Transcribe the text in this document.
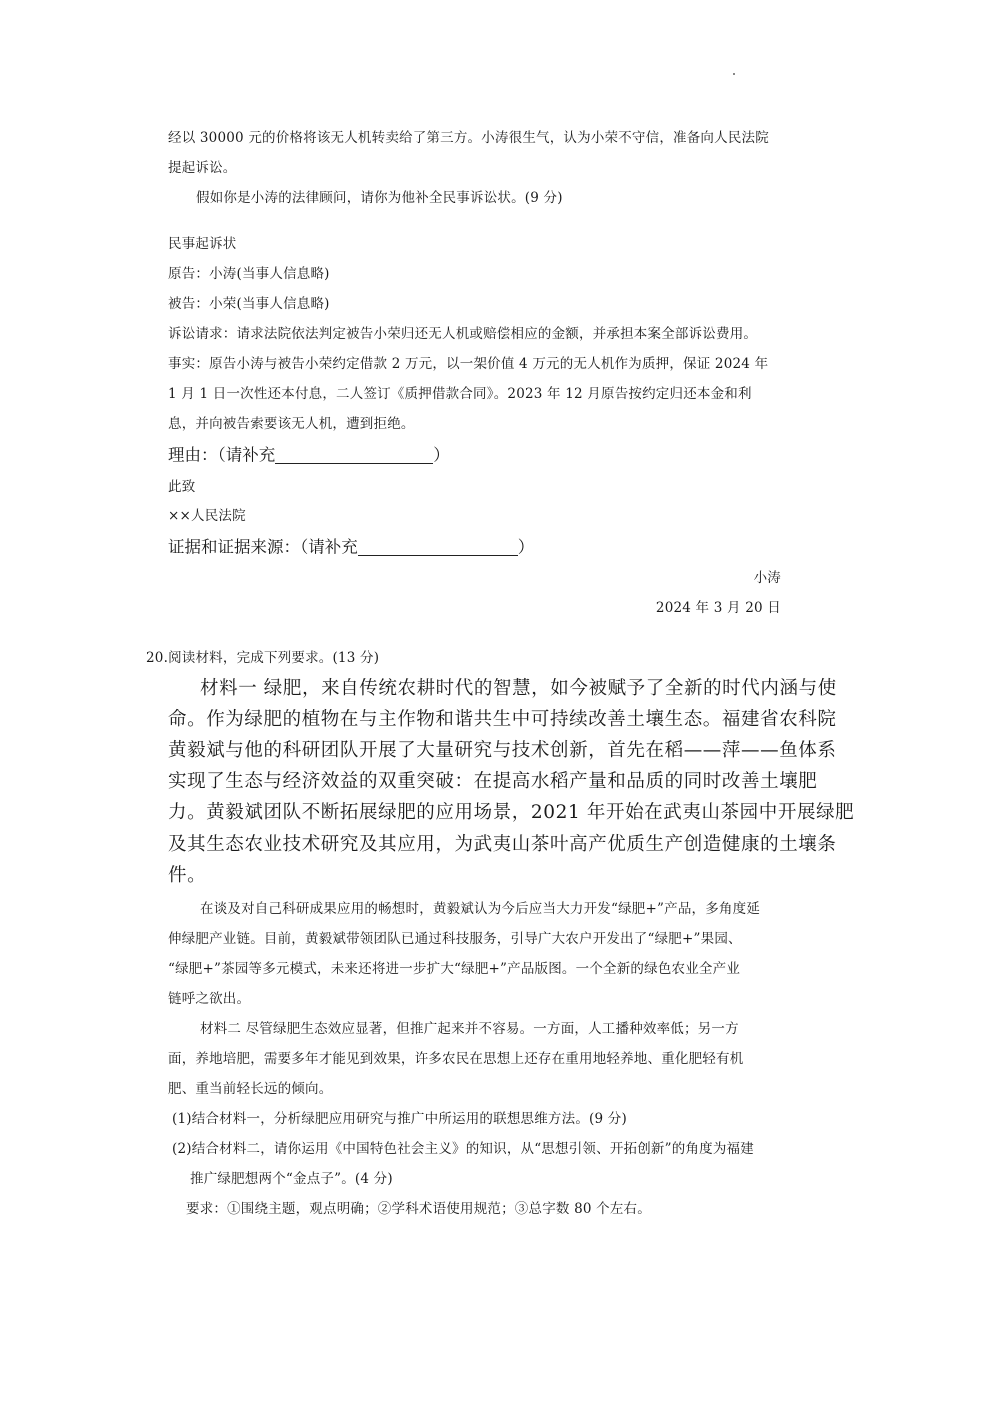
经以 30000 元的价格将该无人机转卖给了第三方。小涛很生气，认为小荣不守信，准备向人民法院
提起诉讼。
假如你是小涛的法律顾问，请你为他补全民事诉讼状。(9 分)
民事起诉状
原告：小涛(当事人信息略)
被告：小荣(当事人信息略)
诉讼请求：请求法院依法判定被告小荣归还无人机或赔偿相应的金额，并承担本案全部诉讼费用。
事实：原告小涛与被告小荣约定借款 2 万元，以一架价值 4 万元的无人机作为质押，保证 2024 年
1 月 1 日一次性还本付息，二人签订《质押借款合同》。2023 年 12 月原告按约定归还本金和利
息，并向被告索要该无人机，遭到拒绝。
理由：（请补充	）
此致
××人民法院
证据和证据来源：（请补充	）
小涛
2024 年 3 月 20 日
20.阅读材料，完成下列要求。(13 分)
材料一 绿肥，来自传统农耕时代的智慧，如今被赋予了全新的时代内涵与使
命。作为绿肥的植物在与主作物和谐共生中可持续改善土壤生态。福建省农科院
黄毅斌与他的科研团队开展了大量研究与技术创新，首先在稻——萍——鱼体系
实现了生态与经济效益的双重突破：在提高水稻产量和品质的同时改善土壤肥
力。黄毅斌团队不断拓展绿肥的应用场景，2021 年开始在武夷山茶园中开展绿肥
及其生态农业技术研究及其应用，为武夷山茶叶高产优质生产创造健康的土壤条
件。
在谈及对自己科研成果应用的畅想时，黄毅斌认为今后应当大力开发“绿肥+”产品，多角度延
伸绿肥产业链。目前，黄毅斌带领团队已通过科技服务，引导广大农户开发出了“绿肥+”果园、
“绿肥+”茶园等多元模式，未来还将进一步扩大“绿肥+”产品版图。一个全新的绿色农业全产业
链呼之欲出。
材料二 尽管绿肥生态效应显著，但推广起来并不容易。一方面，人工播种效率低；另一方
面，养地培肥，需要多年才能见到效果，许多农民在思想上还存在重用地轻养地、重化肥轻有机
肥、重当前轻长远的倾向。
(1)结合材料一，分析绿肥应用研究与推广中所运用的联想思维方法。(9 分)
(2)结合材料二，请你运用《中国特色社会主义》的知识，从“思想引领、开拓创新”的角度为福建
推广绿肥想两个“金点子”。(4 分)
要求：①围绕主题，观点明确；②学科术语使用规范；③总字数 80 个左右。
